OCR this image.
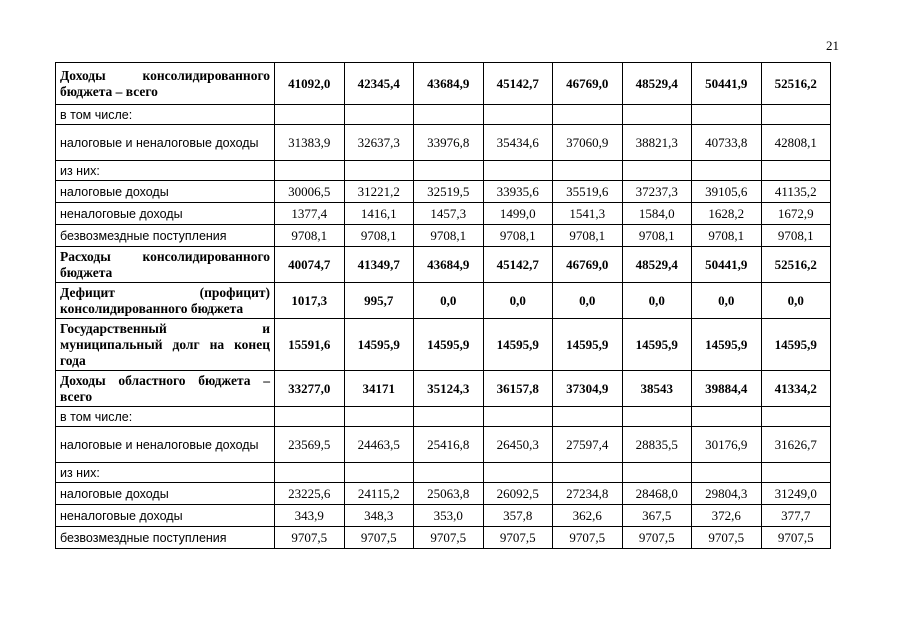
21
Доходы консолидированного бюджета – всего	41092,0	42345,4	43684,9	45142,7	46769,0	48529,4	50441,9	52516,2
в том числе:								
налоговые и неналоговые доходы	31383,9	32637,3	33976,8	35434,6	37060,9	38821,3	40733,8	42808,1
из них:								
налоговые доходы	30006,5	31221,2	32519,5	33935,6	35519,6	37237,3	39105,6	41135,2
неналоговые доходы	1377,4	1416,1	1457,3	1499,0	1541,3	1584,0	1628,2	1672,9
безвозмездные поступления	9708,1	9708,1	9708,1	9708,1	9708,1	9708,1	9708,1	9708,1
Расходы консолидированного бюджета	40074,7	41349,7	43684,9	45142,7	46769,0	48529,4	50441,9	52516,2
Дефицит (профицит) консолидированного бюджета	1017,3	995,7	0,0	0,0	0,0	0,0	0,0	0,0
Государственный и муниципальный долг на конец года	15591,6	14595,9	14595,9	14595,9	14595,9	14595,9	14595,9	14595,9
Доходы областного бюджета – всего	33277,0	34171	35124,3	36157,8	37304,9	38543	39884,4	41334,2
в том числе:								
налоговые и неналоговые доходы	23569,5	24463,5	25416,8	26450,3	27597,4	28835,5	30176,9	31626,7
из них:								
налоговые доходы	23225,6	24115,2	25063,8	26092,5	27234,8	28468,0	29804,3	31249,0
неналоговые доходы	343,9	348,3	353,0	357,8	362,6	367,5	372,6	377,7
безвозмездные поступления	9707,5	9707,5	9707,5	9707,5	9707,5	9707,5	9707,5	9707,5
